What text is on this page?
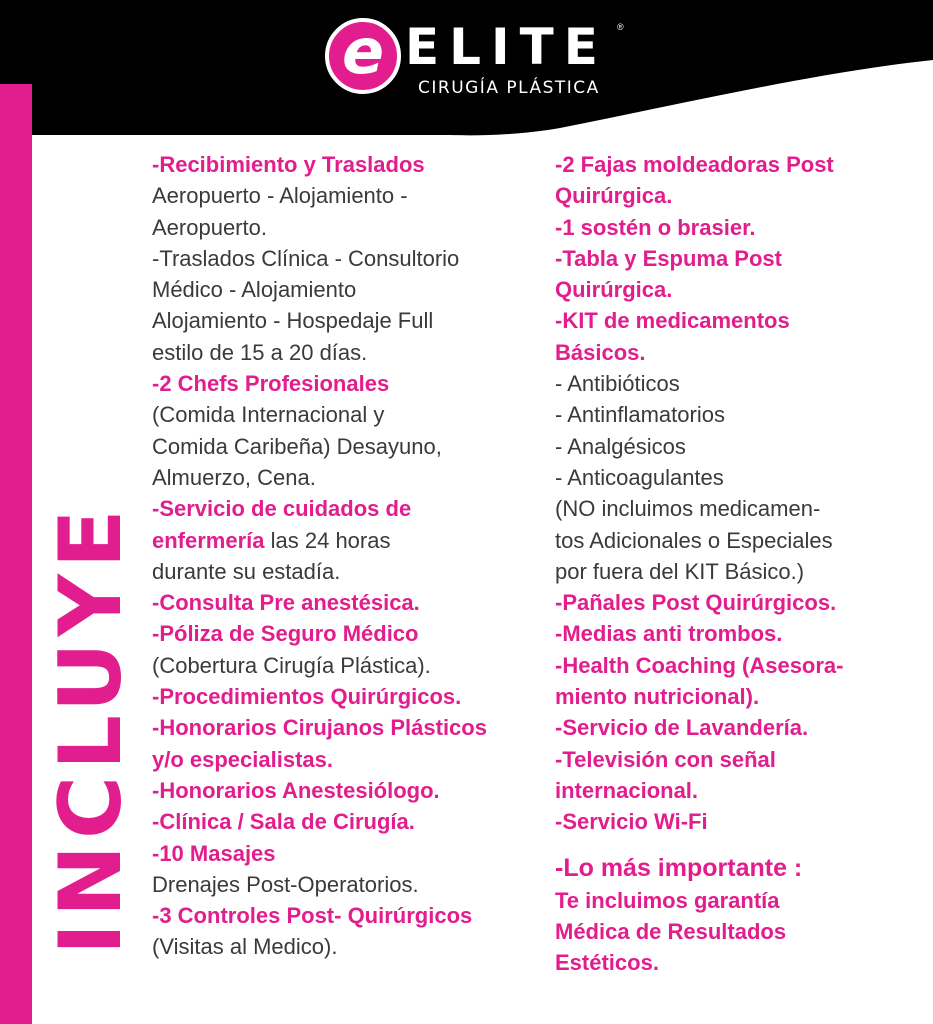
e ELITE ®
CIRUGÍA PLÁSTICA
INCLUYE
-Recibimiento y Traslados
Aeropuerto - Alojamiento -
Aeropuerto.
-Traslados Clínica - Consultorio
Médico - Alojamiento
Alojamiento - Hospedaje Full
estilo de 15 a 20 días.
-2 Chefs Profesionales
(Comida Internacional y
Comida Caribeña) Desayuno,
Almuerzo, Cena.
-Servicio de cuidados de
enfermería las 24 horas
durante su estadía.
-Consulta Pre anestésica.
-Póliza de Seguro Médico
(Cobertura Cirugía Plástica).
-Procedimientos Quirúrgicos.
-Honorarios Cirujanos Plásticos
y/o especialistas.
-Honorarios Anestesiólogo.
-Clínica / Sala de Cirugía.
-10 Masajes
Drenajes Post-Operatorios.
-3 Controles Post- Quirúrgicos
(Visitas al Medico).
-2 Fajas moldeadoras Post
Quirúrgica.
-1 sostén o brasier.
-Tabla y Espuma Post
Quirúrgica.
-KIT de medicamentos
Básicos.
- Antibióticos
- Antinflamatorios
- Analgésicos
- Anticoagulantes
(NO incluimos medicamen-
tos Adicionales o Especiales
por fuera del KIT Básico.)
-Pañales Post Quirúrgicos.
-Medias anti trombos.
-Health Coaching (Asesora-
miento nutricional).
-Servicio de Lavandería.
-Televisión con señal
internacional.
-Servicio Wi-Fi
-Lo más importante :
Te incluimos garantía
Médica de Resultados
Estéticos.
